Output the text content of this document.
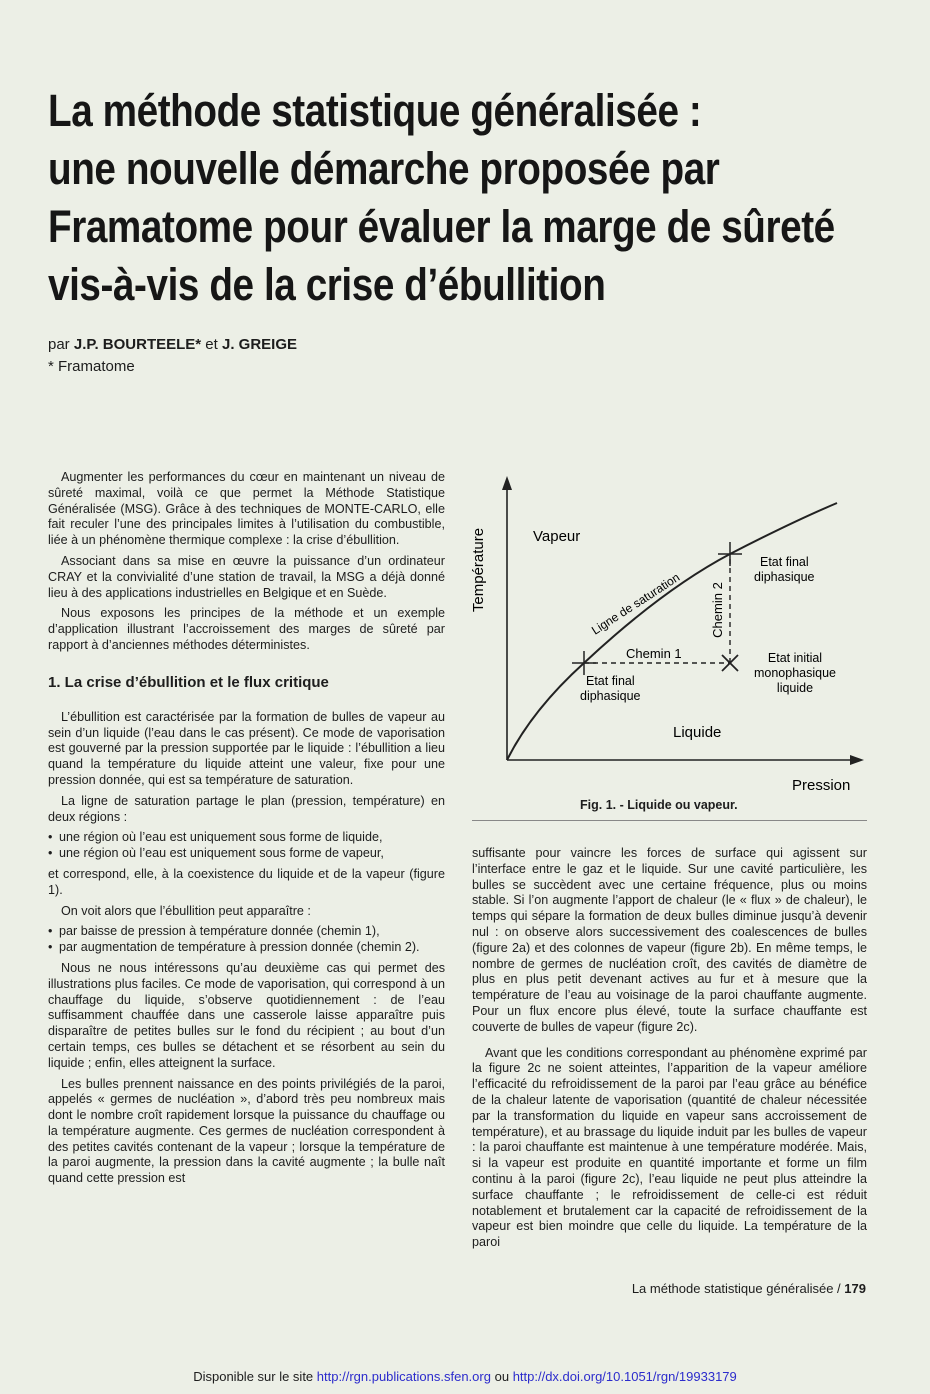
La méthode statistique généralisée :
une nouvelle démarche proposée par
Framatome pour évaluer la marge de sûreté
vis-à-vis de la crise d’ébullition
par J.P. BOURTEELE* et J. GREIGE
* Framatome

Augmenter les performances du cœur en maintenant un niveau de sûreté maximal, voilà ce que permet la Méthode Statistique Généralisée (MSG). Grâce à des techniques de MONTE-CARLO, elle fait reculer l’une des principales limites à l’utilisation du combustible, liée à un phénomène thermique complexe : la crise d’ébullition.

Associant dans sa mise en œuvre la puissance d’un ordinateur CRAY et la convivialité d’une station de travail, la MSG a déjà donné lieu à des applications industrielles en Belgique et en Suède.

Nous exposons les principes de la méthode et un exemple d’application illustrant l’accroissement des marges de sûreté par rapport à d’anciennes méthodes déterministes.

1. La crise d’ébullition et le flux critique

L’ébullition est caractérisée par la formation de bulles de vapeur au sein d’un liquide (l’eau dans le cas présent). Ce mode de vaporisation est gouverné par la pression supportée par le liquide : l’ébullition a lieu quand la température du liquide atteint une valeur, fixe pour une pression donnée, qui est sa température de saturation.

La ligne de saturation partage le plan (pression, température) en deux régions :

• une région où l’eau est uniquement sous forme de liquide,
• une région où l’eau est uniquement sous forme de vapeur,

et correspond, elle, à la coexistence du liquide et de la vapeur (figure 1).

On voit alors que l’ébullition peut apparaître :

• par baisse de pression à température donnée (chemin 1),
• par augmentation de température à pression donnée (chemin 2).

Nous ne nous intéressons qu’au deuxième cas qui permet des illustrations plus faciles. Ce mode de vaporisation, qui correspond à un chauffage du liquide, s’observe quotidiennement : de l’eau suffisamment chauffée dans une casserole laisse apparaître puis disparaître de petites bulles sur le fond du récipient ; au bout d’un certain temps, ces bulles se détachent et se résorbent au sein du liquide ; enfin, elles atteignent la surface.

Les bulles prennent naissance en des points privilégiés de la paroi, appelés « germes de nucléation », d’abord très peu nombreux mais dont le nombre croît rapidement lorsque la puissance du chauffage ou la température augmente. Ces germes de nucléation correspondent à des petites cavités contenant de la vapeur ; lorsque la température de la paroi augmente, la pression dans la cavité augmente ; la bulle naît quand cette pression est

Température
Pression
Vapeur
Liquide
Ligne de saturation
Chemin 1
Chemin 2
Etat final
diphasique
Etat final
diphasique
Etat initial
monophasique
liquide
Fig. 1. - Liquide ou vapeur.

suffisante pour vaincre les forces de surface qui agissent sur l’interface entre le gaz et le liquide. Sur une cavité particulière, les bulles se succèdent avec une certaine fréquence, plus ou moins stable. Si l’on augmente l’apport de chaleur (le « flux » de chaleur), le temps qui sépare la formation de deux bulles diminue jusqu’à devenir nul : on observe alors successivement des coalescences de bulles (figure 2a) et des colonnes de vapeur (figure 2b). En même temps, le nombre de germes de nucléation croît, des cavités de diamètre de plus en plus petit devenant actives au fur et à mesure que la température de l’eau au voisinage de la paroi chauffante augmente. Pour un flux encore plus élevé, toute la surface chauffante est couverte de bulles de vapeur (figure 2c).

Avant que les conditions correspondant au phénomène exprimé par la figure 2c ne soient atteintes, l’apparition de la vapeur améliore l’efficacité du refroidissement de la paroi par l’eau grâce au bénéfice de la chaleur latente de vaporisation (quantité de chaleur nécessitée par la transformation du liquide en vapeur sans accroissement de température), et au brassage du liquide induit par les bulles de vapeur : la paroi chauffante est maintenue à une température modérée. Mais, si la vapeur est produite en quantité importante et forme un film continu à la paroi (figure 2c), l’eau liquide ne peut plus atteindre la surface chauffante ; le refroidissement de celle-ci est réduit notablement et brutalement car la capacité de refroidissement de la vapeur est bien moindre que celle du liquide. La température de la paroi

La méthode statistique généralisée / 179
Disponible sur le site http://rgn.publications.sfen.org ou http://dx.doi.org/10.1051/rgn/19933179
